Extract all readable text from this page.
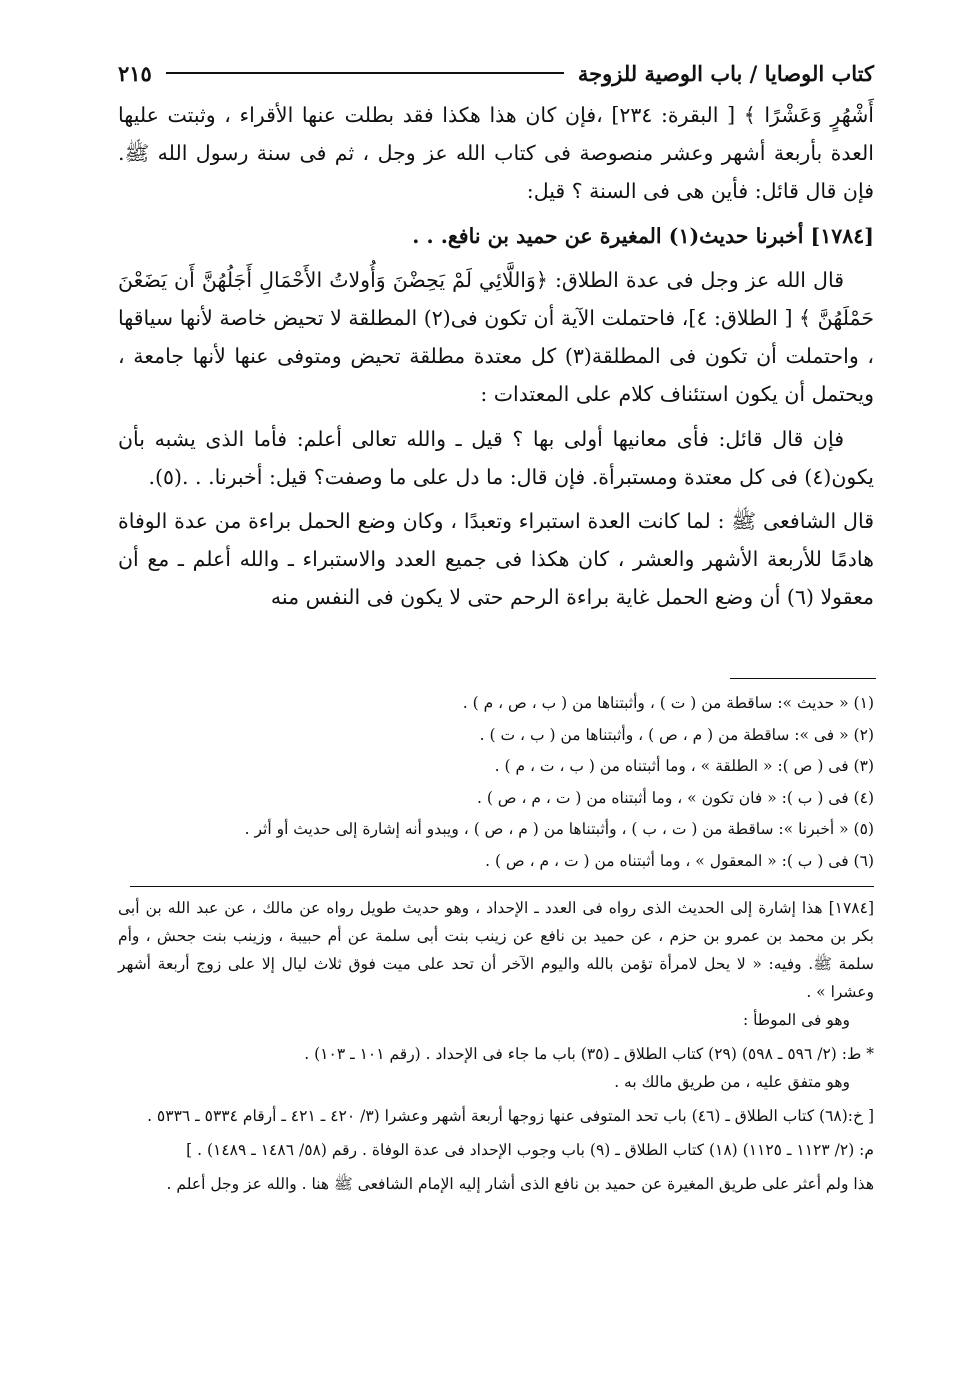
كتاب الوصايا / باب الوصية للزوجة
٢١٥

أَشْهُرٍ وَعَشْرًا ﴾ [ البقرة: ٢٣٤] ،فإن كان هذا هكذا فقد بطلت عنها الأقراء ، وثبتت عليها العدة بأربعة أشهر وعشر منصوصة فى كتاب الله عز وجل ، ثم فى سنة رسول الله ﷺ. فإن قال قائل: فأين هى فى السنة ؟ قيل:

[١٧٨٤] أخبرنا حديث(١) المغيرة عن حميد بن نافع. . .

قال الله عز وجل فى عدة الطلاق: ﴿وَاللَّائِي لَمْ يَحِضْنَ وَأُولاتُ الأَحْمَالِ أَجَلُهُنَّ أَن يَضَعْنَ حَمْلَهُنَّ ﴾ [ الطلاق: ٤]، فاحتملت الآية أن تكون فى(٢) المطلقة لا تحيض خاصة لأنها سياقها ، واحتملت أن تكون فى المطلقة(٣) كل معتدة مطلقة تحيض ومتوفى عنها لأنها جامعة ، ويحتمل أن يكون استئناف كلام على المعتدات :

فإن قال قائل: فأى معانيها أولى بها ؟ قيل ـ والله تعالى أعلم: فأما الذى يشبه بأن يكون(٤) فى كل معتدة ومستبرأة. فإن قال: ما دل على ما وصفت؟ قيل: أخبرنا. . .(٥).

قال الشافعى ﷺ : لما كانت العدة استبراء وتعبدًا ، وكان وضع الحمل براءة من عدة الوفاة هادمًا للأربعة الأشهر والعشر ، كان هكذا فى جميع العدد والاستبراء ـ والله أعلم ـ مع أن معقولا (٦) أن وضع الحمل غاية براءة الرحم حتى لا يكون فى النفس منه

(١) « حديث »: ساقطة من ( ت ) ، وأثبتناها من ( ب ، ص ، م ) .
(٢) « فى »: ساقطة من ( م ، ص ) ، وأثبتناها من ( ب ، ت ) .
(٣) فى ( ص ): « الطلقة » ، وما أثبتناه من ( ب ، ت ، م ) .
(٤) فى ( ب ): « فان تكون » ، وما أثبتناه من ( ت ، م ، ص ) .
(٥) « أخبرنا »: ساقطة من ( ت ، ب ) ، وأثبتناها من ( م ، ص ) ، ويبدو أنه إشارة إلى حديث أو أثر .
(٦) فى ( ب ): « المعقول » ، وما أثبتناه من ( ت ، م ، ص ) .

[١٧٨٤] هذا إشارة إلى الحديث الذى رواه فى العدد ـ الإحداد ، وهو حديث طويل رواه عن مالك ، عن عبد الله بن أبى بكر بن محمد بن عمرو بن حزم ، عن حميد بن نافع عن زينب بنت أبى سلمة عن أم حبيبة ، وزينب بنت جحش ، وأم سلمة ﷺ. وفيه: « لا يحل لامرأة تؤمن بالله واليوم الآخر أن تحد على ميت فوق ثلاث ليال إلا على زوج أربعة أشهر وعشرا » .

وهو فى الموطأ :

* ط: (٢/ ٥٩٦ ـ ٥٩٨) (٢٩) كتاب الطلاق ـ (٣٥) باب ما جاء فى الإحداد . (رقم ١٠١ ـ ١٠٣) .

وهو متفق عليه ، من طريق مالك به .

[ خ:(٦٨) كتاب الطلاق ـ (٤٦) باب تحد المتوفى عنها زوجها أربعة أشهر وعشرا (٣/ ٤٢٠ ـ ٤٢١ ـ أرقام ٥٣٣٤ ـ ٥٣٣٦ .

م: (٢/ ١١٢٣ ـ ١١٢٥) (١٨) كتاب الطلاق ـ (٩) باب وجوب الإحداد فى عدة الوفاة . رقم (٥٨/ ١٤٨٦ ـ ١٤٨٩) . ]

هذا ولم أعثر على طريق المغيرة عن حميد بن نافع الذى أشار إليه الإمام الشافعى ﷺ هنا . والله عز وجل أعلم .
